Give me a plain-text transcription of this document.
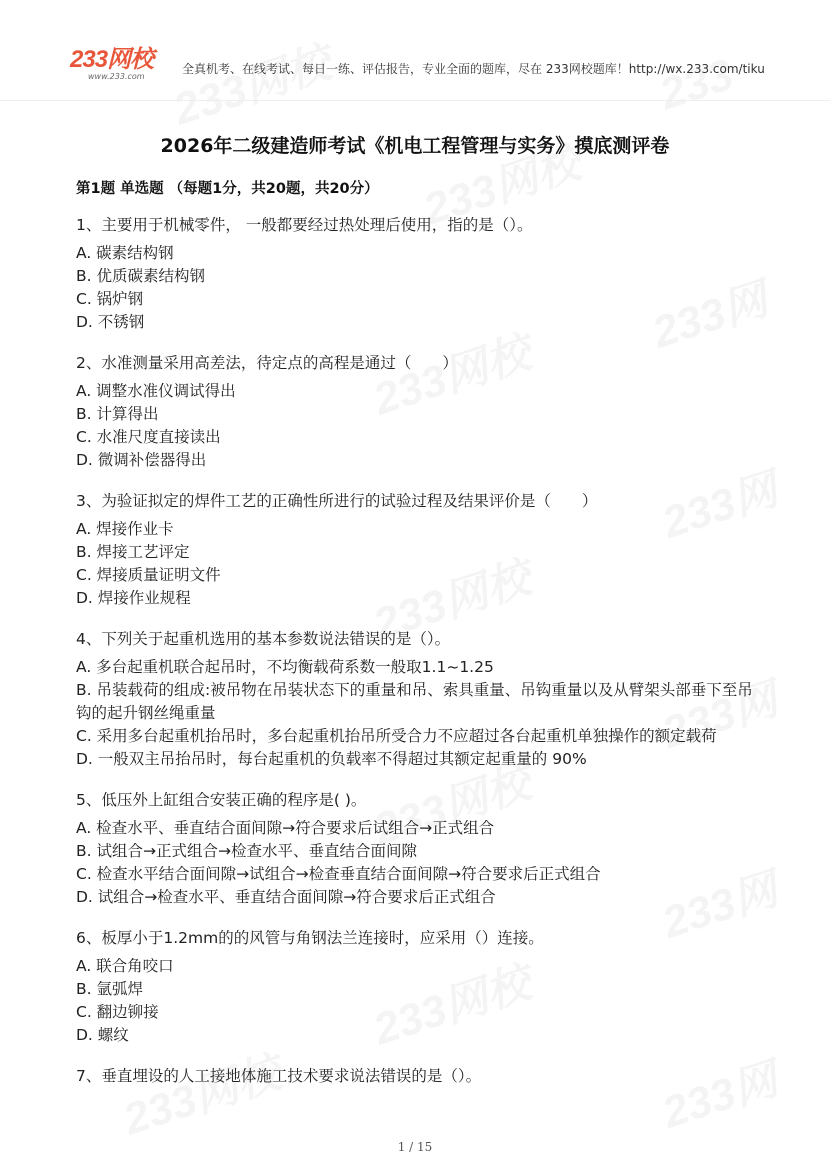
233网校
www.233.com
全真机考、在线考试、每日一练、评估报告，专业全面的题库，尽在 233网校题库！http://wx.233.com/tiku
2026年二级建造师考试《机电工程管理与实务》摸底测评卷
第1题 单选题 （每题1分，共20题，共20分）
1、主要用于机械零件， 一般都要经过热处理后使用，指的是（）。
A. 碳素结构钢
B. 优质碳素结构钢
C. 锅炉钢
D. 不锈钢
2、水准测量采用高差法，待定点的高程是通过（　　）
A. 调整水准仪调试得出
B. 计算得出
C. 水准尺度直接读出
D. 微调补偿器得出
3、为验证拟定的焊件工艺的正确性所进行的试验过程及结果评价是（　　）
A. 焊接作业卡
B. 焊接工艺评定
C. 焊接质量证明文件
D. 焊接作业规程
4、下列关于起重机选用的基本参数说法错误的是（）。
A. 多台起重机联合起吊时，不均衡载荷系数一般取1.1~1.25
B. 吊装载荷的组成:被吊物在吊装状态下的重量和吊、索具重量、吊钩重量以及从臂架头部垂下至吊钩的起升钢丝绳重量
C. 采用多台起重机抬吊时，多台起重机抬吊所受合力不应超过各台起重机单独操作的额定载荷
D. 一般双主吊抬吊时，每台起重机的负载率不得超过其额定起重量的 90%
5、低压外上缸组合安装正确的程序是( )。
A. 检查水平、垂直结合面间隙→符合要求后试组合→正式组合
B. 试组合→正式组合→检查水平、垂直结合面间隙
C. 检查水平结合面间隙→试组合→检查垂直结合面间隙→符合要求后正式组合
D. 试组合→检查水平、垂直结合面间隙→符合要求后正式组合
6、板厚小于1.2mm的的风管与角钢法兰连接时，应采用（）连接。
A. 联合角咬口
B. 氩弧焊
C. 翻边铆接
D. 螺纹
7、垂直埋设的人工接地体施工技术要求说法错误的是（）。
1 / 15
